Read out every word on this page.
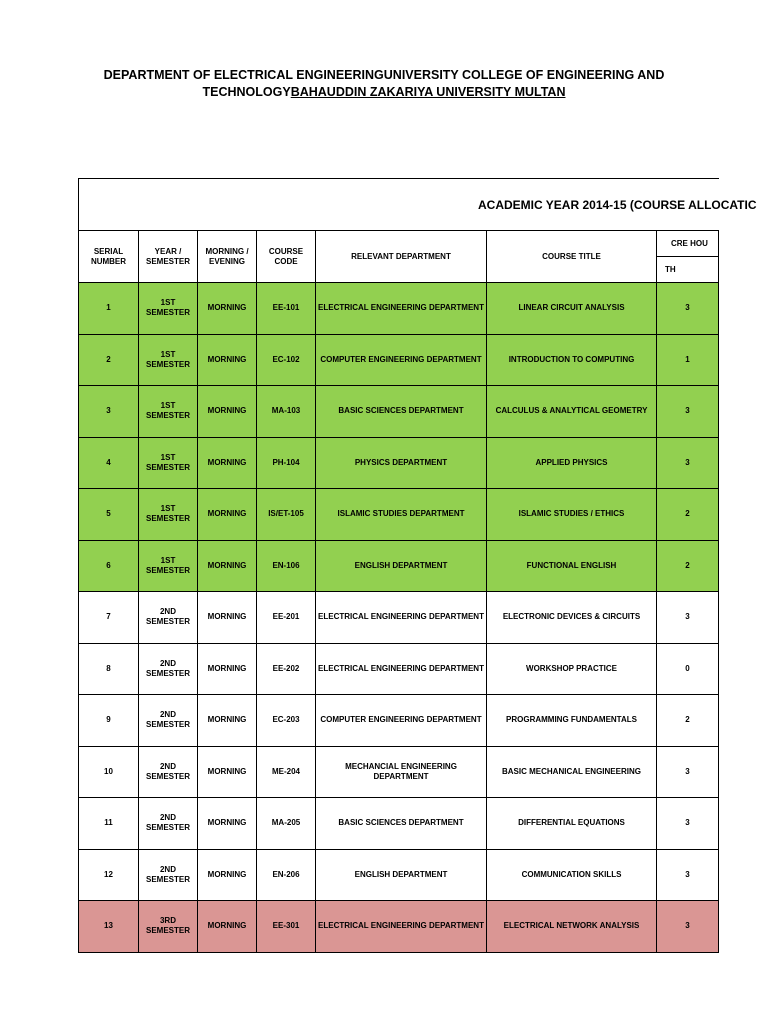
DEPARTMENT OF ELECTRICAL ENGINEERINGUNIVERSITY COLLEGE OF ENGINEERING AND
TECHNOLOGYBAHAUDDIN ZAKARIYA UNIVERSITY MULTAN
ACADEMIC YEAR 2014-15 (COURSE ALLOCATIC						
SERIAL NUMBER	YEAR / SEMESTER	MORNING / EVENING	COURSE CODE	RELEVANT DEPARTMENT	COURSE TITLE	CRE HOU
						TH
1	1ST SEMESTER	MORNING	EE-101	ELECTRICAL ENGINEERING DEPARTMENT	LINEAR CIRCUIT ANALYSIS	3
2	1ST SEMESTER	MORNING	EC-102	COMPUTER ENGINEERING DEPARTMENT	INTRODUCTION TO COMPUTING	1
3	1ST SEMESTER	MORNING	MA-103	BASIC SCIENCES DEPARTMENT	CALCULUS & ANALYTICAL GEOMETRY	3
4	1ST SEMESTER	MORNING	PH-104	PHYSICS DEPARTMENT	APPLIED PHYSICS	3
5	1ST SEMESTER	MORNING	IS/ET-105	ISLAMIC STUDIES DEPARTMENT	ISLAMIC STUDIES / ETHICS	2
6	1ST SEMESTER	MORNING	EN-106	ENGLISH DEPARTMENT	FUNCTIONAL ENGLISH	2
7	2ND SEMESTER	MORNING	EE-201	ELECTRICAL ENGINEERING DEPARTMENT	ELECTRONIC DEVICES & CIRCUITS	3
8	2ND SEMESTER	MORNING	EE-202	ELECTRICAL ENGINEERING DEPARTMENT	WORKSHOP PRACTICE	0
9	2ND SEMESTER	MORNING	EC-203	COMPUTER ENGINEERING DEPARTMENT	PROGRAMMING FUNDAMENTALS	2
10	2ND SEMESTER	MORNING	ME-204	MECHANCIAL ENGINEERING DEPARTMENT	BASIC MECHANICAL ENGINEERING	3
11	2ND SEMESTER	MORNING	MA-205	BASIC SCIENCES DEPARTMENT	DIFFERENTIAL EQUATIONS	3
12	2ND SEMESTER	MORNING	EN-206	ENGLISH DEPARTMENT	COMMUNICATION SKILLS	3
13	3RD SEMESTER	MORNING	EE-301	ELECTRICAL ENGINEERING DEPARTMENT	ELECTRICAL NETWORK ANALYSIS	3
